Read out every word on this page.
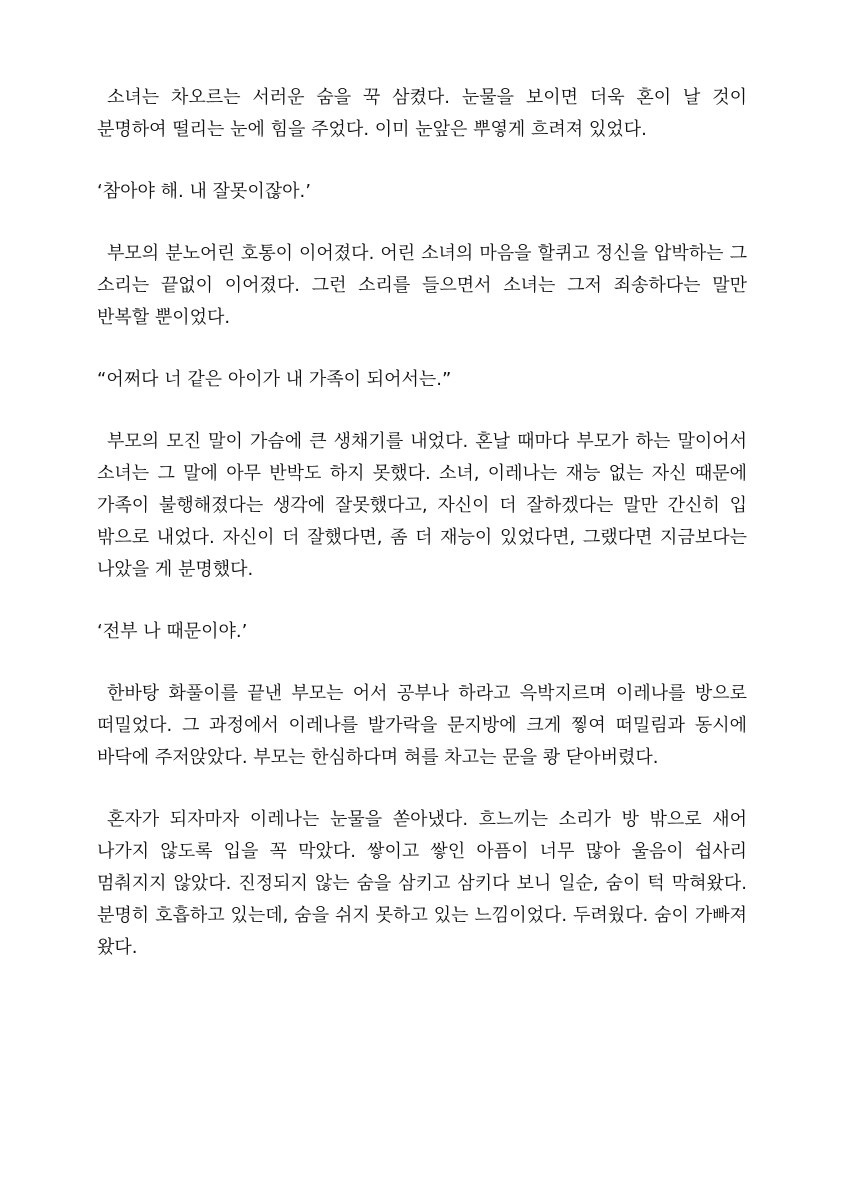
소녀는 차오르는 서러운 숨을 꾹 삼켰다. 눈물을 보이면 더욱 혼이 날 것이 분명하여 떨리는 눈에 힘을 주었다. 이미 눈앞은 뿌옇게 흐려져 있었다.

‘참아야 해. 내 잘못이잖아.’

부모의 분노어린 호통이 이어졌다. 어린 소녀의 마음을 할퀴고 정신을 압박하는 그 소리는 끝없이 이어졌다. 그런 소리를 들으면서 소녀는 그저 죄송하다는 말만 반복할 뿐이었다.

“어쩌다 너 같은 아이가 내 가족이 되어서는.”

부모의 모진 말이 가슴에 큰 생채기를 내었다. 혼날 때마다 부모가 하는 말이어서 소녀는 그 말에 아무 반박도 하지 못했다. 소녀, 이레나는 재능 없는 자신 때문에 가족이 불행해졌다는 생각에 잘못했다고, 자신이 더 잘하겠다는 말만 간신히 입 밖으로 내었다. 자신이 더 잘했다면, 좀 더 재능이 있었다면, 그랬다면 지금보다는 나았을 게 분명했다.

‘전부 나 때문이야.’

한바탕 화풀이를 끝낸 부모는 어서 공부나 하라고 윽박지르며 이레나를 방으로 떠밀었다. 그 과정에서 이레나를 발가락을 문지방에 크게 찧여 떠밀림과 동시에 바닥에 주저앉았다. 부모는 한심하다며 혀를 차고는 문을 쾅 닫아버렸다.

혼자가 되자마자 이레나는 눈물을 쏟아냈다. 흐느끼는 소리가 방 밖으로 새어 나가지 않도록 입을 꼭 막았다. 쌓이고 쌓인 아픔이 너무 많아 울음이 쉽사리 멈춰지지 않았다. 진정되지 않는 숨을 삼키고 삼키다 보니 일순, 숨이 턱 막혀왔다. 분명히 호흡하고 있는데, 숨을 쉬지 못하고 있는 느낌이었다. 두려웠다. 숨이 가빠져 왔다.
